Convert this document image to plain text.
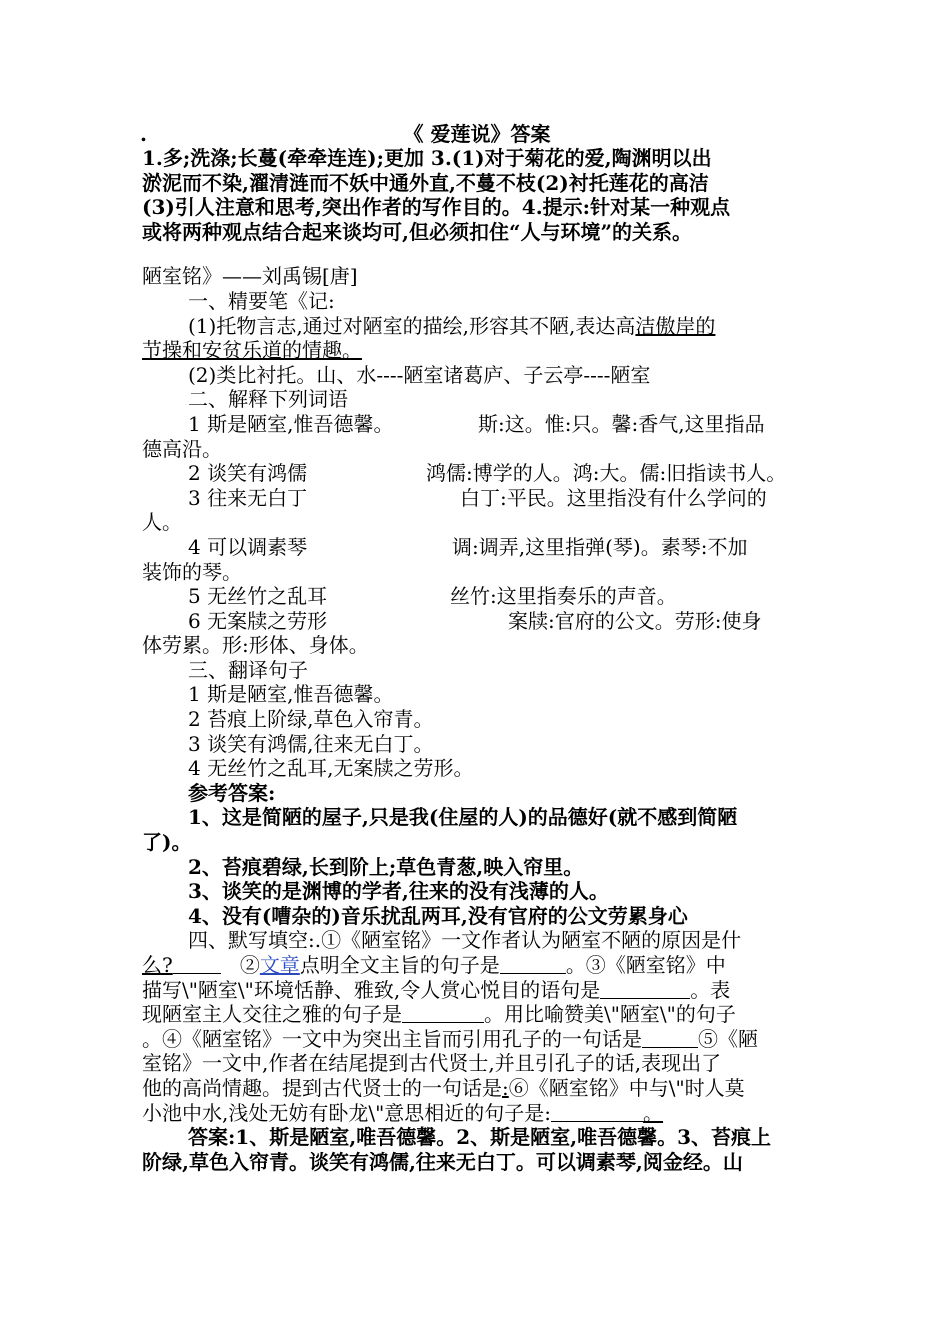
.	《 爱莲说》答案
1.多;洗涤;长蔓(牵牵连连);更加 3.(1)对于菊花的爱,陶渊明以出
淤泥而不染,濯清涟而不妖中通外直,不蔓不枝(2)衬托莲花的高洁
(3)引人注意和思考,突出作者的写作目的。4.提示:针对某一种观点
或将两种观点结合起来谈均可,但必须扣住“人与环境”的关系。
陋室铭》——刘禹锡[唐]
一、精要笔《记:
(1)托物言志,通过对陋室的描绘,形容其不陋,表达高洁傲岸的
节操和安贫乐道的情趣。
(2)类比衬托。山、水----陋室诸葛庐、子云亭----陋室
二、解释下列词语
1 斯是陋室,惟吾德馨。	斯:这。惟:只。馨:香气,这里指品
德高沿。
2 谈笑有鸿儒	鸿儒:博学的人。鸿:大。儒:旧指读书人。
3 往来无白丁	白丁:平民。这里指没有什么学问的
人。
4 可以调素琴	调:调弄,这里指弹(琴)。素琴:不加
装饰的琴。
5 无丝竹之乱耳	丝竹:这里指奏乐的声音。
6 无案牍之劳形	案牍:官府的公文。劳形:使身
体劳累。形:形体、身体。
三、翻译句子
1 斯是陋室,惟吾德馨。
2 苔痕上阶绿,草色入帘青。
3 谈笑有鸿儒,往来无白丁。
4 无丝竹之乱耳,无案牍之劳形。
参考答案:
1、这是简陋的屋子,只是我(住屋的人)的品德好(就不感到简陋
了)。
2、苔痕碧绿,长到阶上;草色青葱,映入帘里。
3、谈笑的是渊博的学者,往来的没有浅薄的人。
4、没有(嘈杂的)音乐扰乱两耳,没有官府的公文劳累身心
四、默写填空:.①《陋室铭》一文作者认为陋室不陋的原因是什
么?	②文章点明全文主旨的句子是	。③《陋室铭》中
描写\"陋室\"环境恬静、雅致,令人赏心悦目的语句是	。表
现陋室主人交往之雅的句子是	。用比喻赞美\"陋室\"的句子
。④《陋室铭》一文中为突出主旨而引用孔子的一句话是	⑤《陋
室铭》一文中,作者在结尾提到古代贤士,并且引孔子的话,表现出了
他的高尚情趣。提到古代贤士的一句话是:⑥《陋室铭》中与\"时人莫
小池中水,浅处无妨有卧龙\"意思相近的句子是:	。
答案:1、斯是陋室,唯吾德馨。2、斯是陋室,唯吾德馨。3、苔痕上
阶绿,草色入帘青。谈笑有鸿儒,往来无白丁。可以调素琴,阅金经。山
